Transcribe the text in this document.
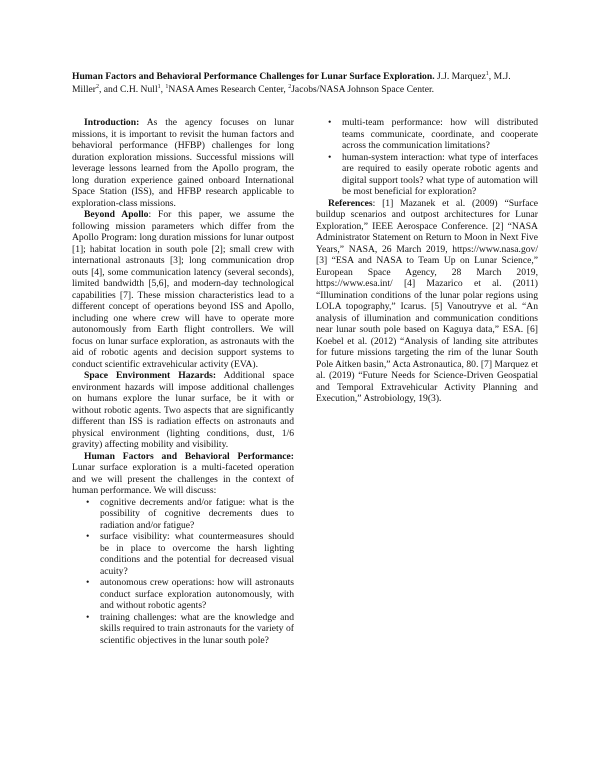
Human Factors and Behavioral Performance Challenges for Lunar Surface Exploration. J.J. Marquez$^1$, M.J. Miller$^2$, and C.H. Null$^1$, $^1$NASA Ames Research Center, $^2$Jacobs/NASA Johnson Space Center.

Introduction: As the agency focuses on lunar missions, it is important to revisit the human factors and behavioral performance (HFBP) challenges for long duration exploration missions. Successful missions will leverage lessons learned from the Apollo program, the long duration experience gained onboard International Space Station (ISS), and HFBP research applicable to exploration-class missions.

Beyond Apollo: For this paper, we assume the following mission parameters which differ from the Apollo Program: long duration missions for lunar outpost [1]; habitat location in south pole [2]; small crew with international astronauts [3]; long communication drop outs [4], some communication latency (several seconds), limited bandwidth [5,6], and modern-day technological capabilities [7]. These mission characteristics lead to a different concept of operations beyond ISS and Apollo, including one where crew will have to operate more autonomously from Earth flight controllers. We will focus on lunar surface exploration, as astronauts with the aid of robotic agents and decision support systems to conduct scientific extravehicular activity (EVA).

Space Environment Hazards: Additional space environment hazards will impose additional challenges on humans explore the lunar surface, be it with or without robotic agents. Two aspects that are significantly different than ISS is radiation effects on astronauts and physical environment (lighting conditions, dust, 1/6 gravity) affecting mobility and visibility.

Human Factors and Behavioral Performance: Lunar surface exploration is a multi-faceted operation and we will present the challenges in the context of human performance. We will discuss:

• cognitive decrements and/or fatigue: what is the possibility of cognitive decrements dues to radiation and/or fatigue?
• surface visibility: what countermeasures should be in place to overcome the harsh lighting conditions and the potential for decreased visual acuity?
• autonomous crew operations: how will astronauts conduct surface exploration autonomously, with and without robotic agents?
• training challenges: what are the knowledge and skills required to train astronauts for the variety of scientific objectives in the lunar south pole?
• multi-team performance: how will distributed teams communicate, coordinate, and cooperate across the communication limitations?
• human-system interaction: what type of interfaces are required to easily operate robotic agents and digital support tools? what type of automation will be most beneficial for exploration?

References: [1] Mazanek et al. (2009) “Surface buildup scenarios and outpost architectures for Lunar Exploration,” IEEE Aerospace Conference. [2] “NASA Administrator Statement on Return to Moon in Next Five Years,” NASA, 26 March 2019, https://www.nasa.gov/ [3] “ESA and NASA to Team Up on Lunar Science,” European Space Agency, 28 March 2019, https://www.esa.int/ [4] Mazarico et al. (2011) “Illumination conditions of the lunar polar regions using LOLA topography,” Icarus. [5] Vanoutryve et al. “An analysis of illumination and communication conditions near lunar south pole based on Kaguya data,” ESA. [6] Koebel et al. (2012) “Analysis of landing site attributes for future missions targeting the rim of the lunar South Pole Aitken basin,” Acta Astronautica, 80. [7] Marquez et al. (2019) “Future Needs for Science-Driven Geospatial and Temporal Extravehicular Activity Planning and Execution,” Astrobiology, 19(3).
